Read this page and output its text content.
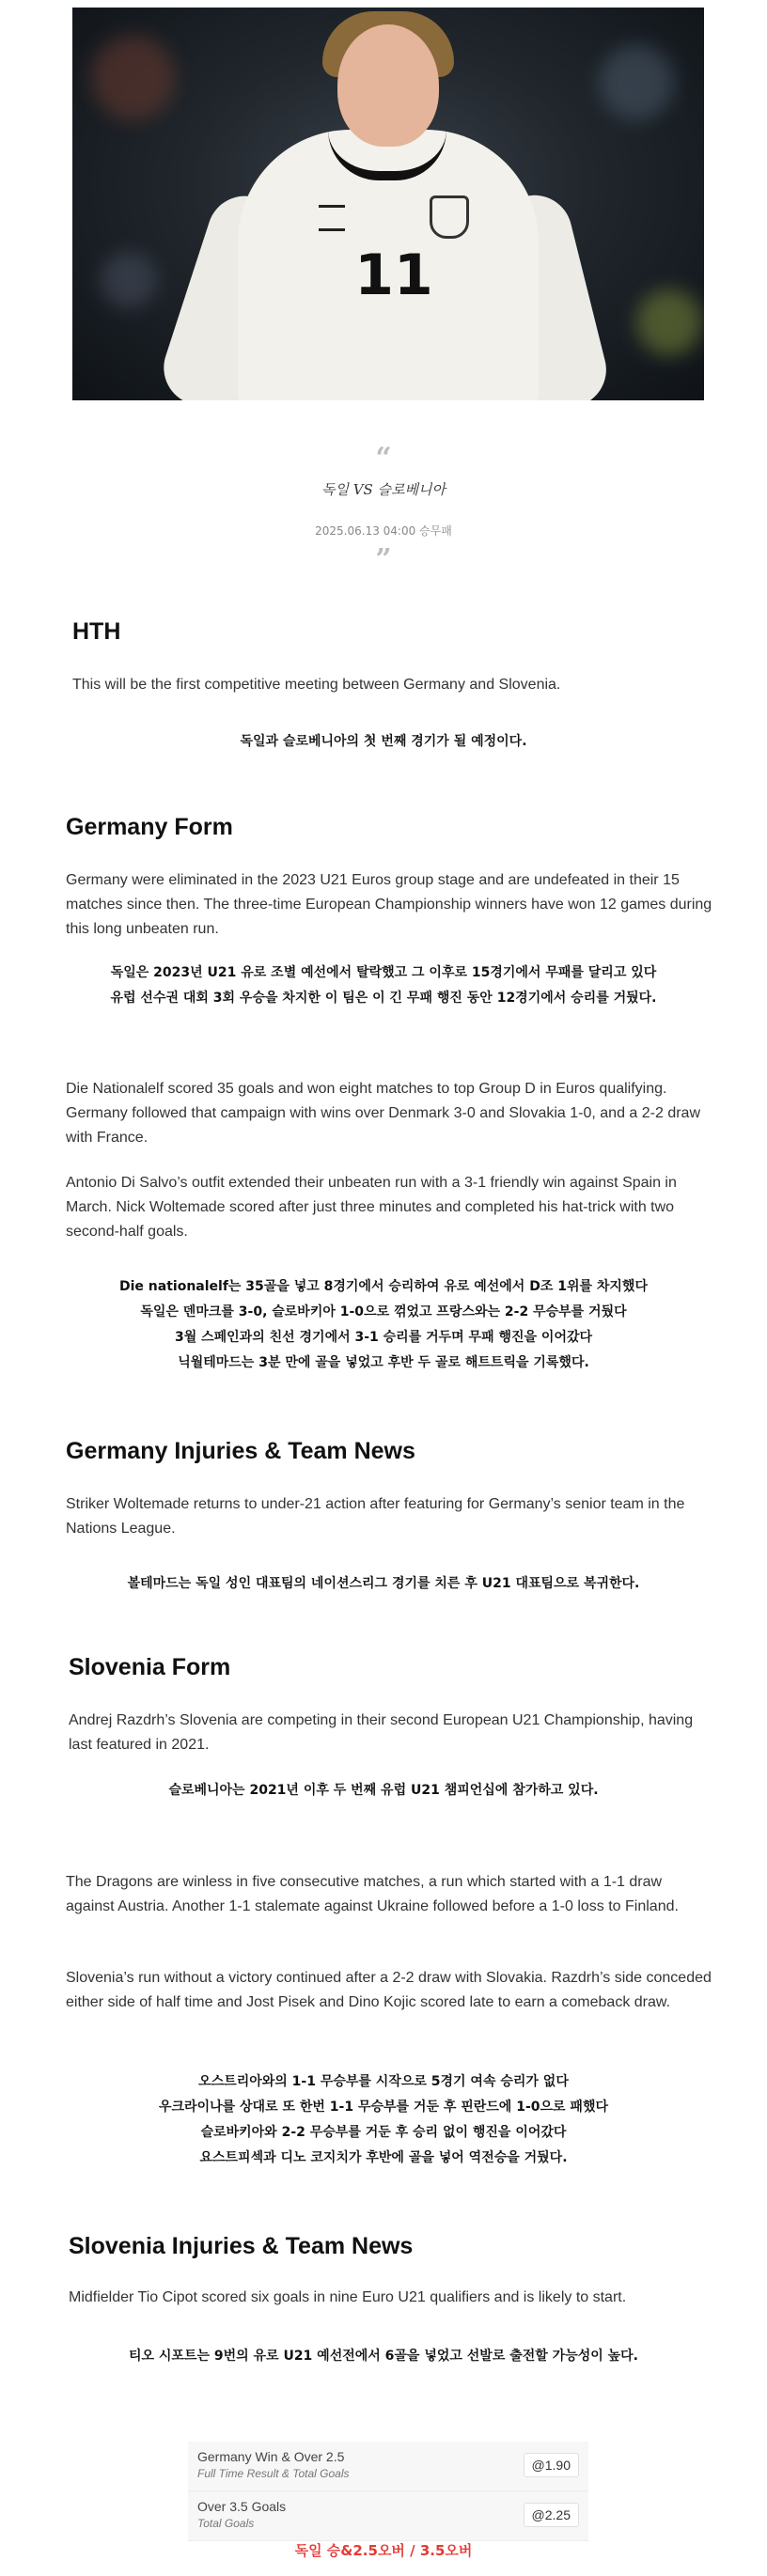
11
“
독일 VS 슬로베니아
2025.06.13 04:00 승무패
”
HTH

This will be the first competitive meeting between Germany and Slovenia.

독일과 슬로베니아의 첫 번째 경기가 될 예정이다.

Germany Form

Germany were eliminated in the 2023 U21 Euros group stage and are undefeated in their 15 matches since then. The three-time European Championship winners have won 12 games during this long unbeaten run.

독일은 2023년 U21 유로 조별 예선에서 탈락했고 그 이후로 15경기에서 무패를 달리고 있다
유럽 선수권 대회 3회 우승을 차지한 이 팀은 이 긴 무패 행진 동안 12경기에서 승리를 거뒀다.

Die Nationalelf scored 35 goals and won eight matches to top Group D in Euros qualifying. Germany followed that campaign with wins over Denmark 3-0 and Slovakia 1-0, and a 2-2 draw with France.

Antonio Di Salvo’s outfit extended their unbeaten run with a 3-1 friendly win against Spain in March. Nick Woltemade scored after just three minutes and completed his hat-trick with two second-half goals.

Die nationalelf는 35골을 넣고 8경기에서 승리하여 유로 예선에서 D조 1위를 차지했다
독일은 덴마크를 3-0, 슬로바키아 1-0으로 꺾었고 프랑스와는 2-2 무승부를 거뒀다
3월 스페인과의 친선 경기에서 3-1 승리를 거두며 무패 행진을 이어갔다
닉월테마드는 3분 만에 골을 넣었고 후반 두 골로 해트트릭을 기록했다.
Germany Injuries & Team News

Striker Woltemade returns to under-21 action after featuring for Germany’s senior team in the Nations League.

볼테마드는 독일 성인 대표팀의 네이션스리그 경기를 치른 후 U21 대표팀으로 복귀한다.

Slovenia Form

Andrej Razdrh’s Slovenia are competing in their second European U21 Championship, having last featured in 2021.

슬로베니아는 2021년 이후 두 번째 유럽 U21 챔피언십에 참가하고 있다.

The Dragons are winless in five consecutive matches, a run which started with a 1-1 draw against Austria. Another 1-1 stalemate against Ukraine followed before a 1-0 loss to Finland.

Slovenia’s run without a victory continued after a 2-2 draw with Slovakia. Razdrh’s side conceded either side of half time and Jost Pisek and Dino Kojic scored late to earn a comeback draw.

오스트리아와의 1-1 무승부를 시작으로 5경기 여속 승리가 없다
우크라이나를 상대로 또 한번 1-1 무승부를 거둔 후 핀란드에 1-0으로 패했다
슬로바키아와 2-2 무승부를 거둔 후 승리 없이 행진을 이어갔다
요스트피섹과 디노 코지치가 후반에 골을 넣어 역전승을 거뒀다.
Slovenia Injuries & Team News

Midfielder Tio Cipot scored six goals in nine Euro U21 qualifiers and is likely to start.

티오 시포트는 9번의 유로 U21 예선전에서 6골을 넣었고 선발로 출전할 가능성이 높다.

Germany Win & Over 2.5
Full Time Result & Total Goals
@1.90
Over 3.5 Goals
Total Goals
@2.25
독일 승&2.5오버 / 3.5오버
